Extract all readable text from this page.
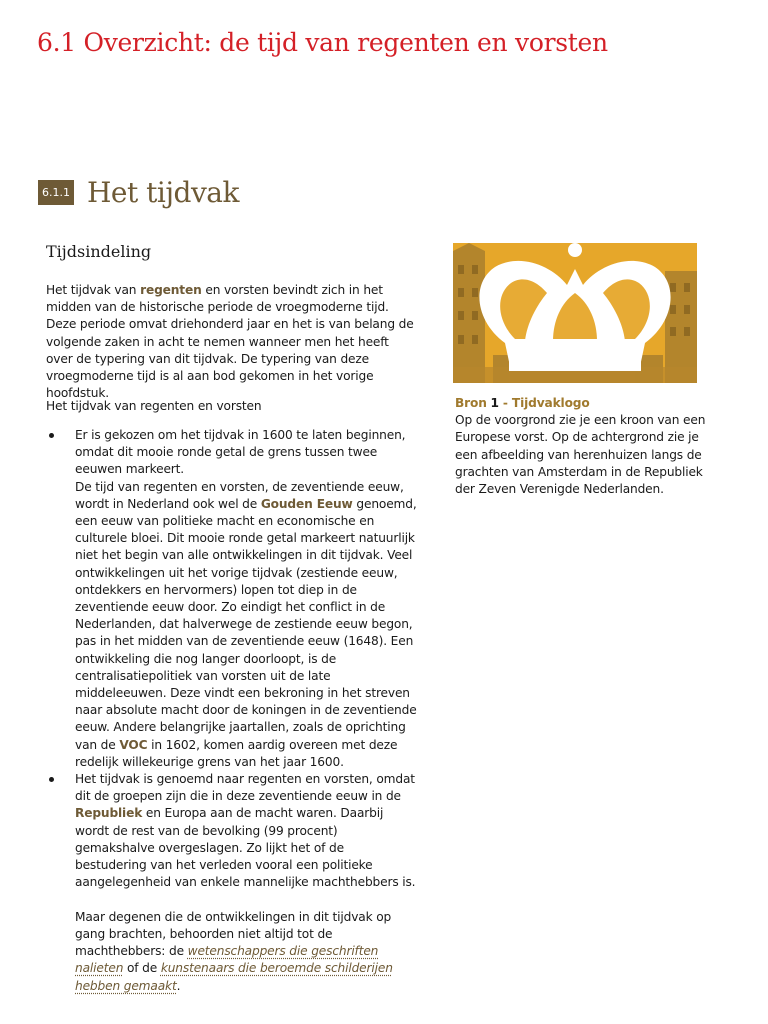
6.1 Overzicht: de tijd van regenten en vorsten
6.1.1 Het tijdvak
Tijdsindeling

Het tijdvak van regenten en vorsten bevindt zich in het midden van de historische periode de vroegmoderne tijd. Deze periode omvat driehonderd jaar en het is van belang de volgende zaken in acht te nemen wanneer men het heeft over de typering van dit tijdvak. De typering van deze vroegmoderne tijd is al aan bod gekomen in het vorige hoofdstuk.

Het tijdvak van regenten en vorsten

Er is gekozen om het tijdvak in 1600 te laten beginnen, omdat dit mooie ronde getal de grens tussen twee eeuwen markeert.
De tijd van regenten en vorsten, de zeventiende eeuw, wordt in Nederland ook wel de Gouden Eeuw genoemd, een eeuw van politieke macht en economische en culturele bloei. Dit mooie ronde getal markeert natuurlijk niet het begin van alle ontwikkelingen in dit tijdvak. Veel ontwikkelingen uit het vorige tijdvak (zestiende eeuw, ontdekkers en hervormers) lopen tot diep in de zeventiende eeuw door. Zo eindigt het conflict in de Nederlanden, dat halverwege de zestiende eeuw begon, pas in het midden van de zeventiende eeuw (1648). Een ontwikkeling die nog langer doorloopt, is de centralisatiepolitiek van vorsten uit de late middeleeuwen. Deze vindt een bekroning in het streven naar absolute macht door de koningen in de zeventiende eeuw. Andere belangrijke jaartallen, zoals de oprichting van de VOC in 1602, komen aardig overeen met deze redelijk willekeurige grens van het jaar 1600.
Het tijdvak is genoemd naar regenten en vorsten, omdat dit de groepen zijn die in deze zeventiende eeuw in de Republiek en Europa aan de macht waren. Daarbij wordt de rest van de bevolking (99 procent) gemakshalve overgeslagen. Zo lijkt het of de bestudering van het verleden vooral een politieke aangelegenheid van enkele mannelijke machthebbers is.

Maar degenen die de ontwikkelingen in dit tijdvak op gang brachten, behoorden niet altijd tot de machthebbers: de wetenschappers die geschriften nalieten of de kunstenaars die beroemde schilderijen hebben gemaakt.

Bron 1 - Tijdvaklogo
Op de voorgrond zie je een kroon van een Europese vorst. Op de achtergrond zie je een afbeelding van herenhuizen langs de grachten van Amsterdam in de Republiek der Zeven Verenigde Nederlanden.
